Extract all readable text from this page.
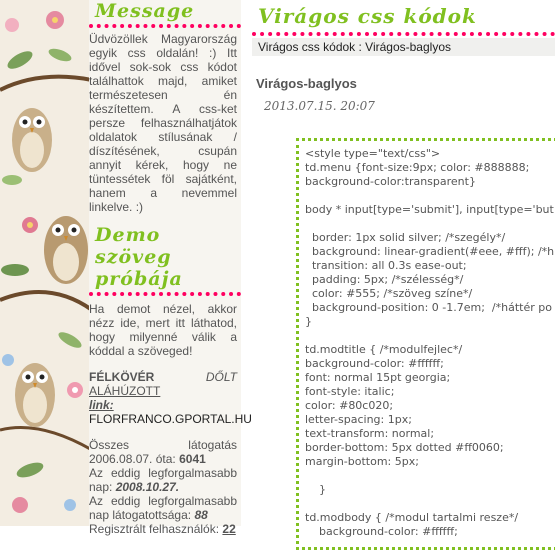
Message
Üdvözöllek Magyarország egyik css oldalán! :) Itt idővel sok-sok css kódot találhattok majd, amiket természetesen én készítettem. A css-ket persze felhasználhatjátok oldalatok stílusának / díszítésének, csupán annyit kérek, hogy ne tüntessétek föl sajátként, hanem a nevemmel linkelve. :)
Demo szöveg próbája
Ha demot nézel, akkor nézz ide, mert itt láthatod, hogy milyenné válik a kóddal a szöveged!
FÉLKÖVÉR	DŐLT
ALÁHÚZOTT
link:
FLORFRANCO.GPORTAL.HU
Összes látogatás 2006.08.07. óta: 6041
Az eddig legforgalmasabb nap: 2008.10.27.
Az eddig legforgalmasabb nap látogatottsága: 88
Regisztrált felhasználók: 22
Virágos css kódok
Virágos css kódok : Virágos-baglyos
Virágos-baglyos
2013.07.15. 20:07
<style type="text/css">
td.menu {font-size:9px; color: #888888;
background-color:transparent}

body * input[type='submit'], input[type='but

border: 1px solid silver; /*szegély*/
background: linear-gradient(#eee, #fff); /*h
transition: all 0.3s ease-out;
padding: 5px; /*szélesség*/
color: #555; /*szöveg színe*/
background-position: 0 -1.7em;  /*háttér po
}

td.modtitle { /*modulfejlec*/
background-color: #ffffff;
font: normal 15pt georgia;
font-style: italic;
color: #80c020;
letter-spacing: 1px;
text-transform: normal;
border-bottom: 5px dotted #ff0060;
margin-bottom: 5px;

}

td.modbody { /*modul tartalmi resze*/
background-color: #ffffff;
